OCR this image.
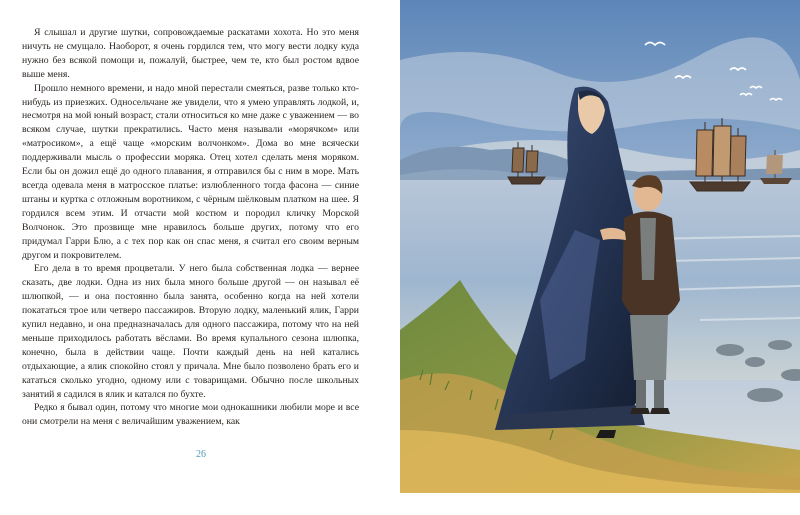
Я слышал и другие шутки, сопровождаемые раскатами хохота. Но это меня ничуть не смущало. Наоборот, я очень гордился тем, что могу вести лодку куда нужно без всякой помощи и, пожалуй, быстрее, чем те, кто был ростом вдвое выше меня.

Прошло немного времени, и надо мной перестали смеяться, разве только кто-нибудь из приезжих. Односельчане же увидели, что я умею управлять лодкой, и, несмотря на мой юный возраст, стали относиться ко мне даже с уважением — во всяком случае, шутки прекратились. Часто меня называли «морячком» или «матросиком», а ещё чаще «морским волчонком». Дома во мне всячески поддерживали мысль о профессии моряка. Отец хотел сделать меня моряком. Если бы он дожил ещё до одного плавания, я отправился бы с ним в море. Мать всегда одевала меня в матросское платье: излюбленного тогда фасона — синие штаны и куртка с отложным воротником, с чёрным шёлковым платком на шее. Я гордился всем этим. И отчасти мой костюм и породил кличку Морской Волчонок. Это прозвище мне нравилось больше других, потому что его придумал Гарри Блю, а с тех пор как он спас меня, я считал его своим верным другом и покровителем.

Его дела в то время процветали. У него была собственная лодка — вернее сказать, две лодки. Одна из них была много больше другой — он называл её шлюпкой, — и она постоянно была занята, особенно когда на ней хотели покататься трое или четверо пассажиров. Вторую лодку, маленький ялик, Гарри купил недавно, и она предназначалась для одного пассажира, потому что на ней меньше приходилось работать вёслами. Во время купального сезона шлюпка, конечно, была в действии чаще. Почти каждый день на ней катались отдыхающие, а ялик спокойно стоял у причала. Мне было позволено брать его и кататься сколько угодно, одному или с товарищами. Обычно после школьных занятий я садился в ялик и катался по бухте.

Редко я бывал один, потому что многие мои однокашники любили море и все они смотрели на меня с величайшим уважением, как

26
